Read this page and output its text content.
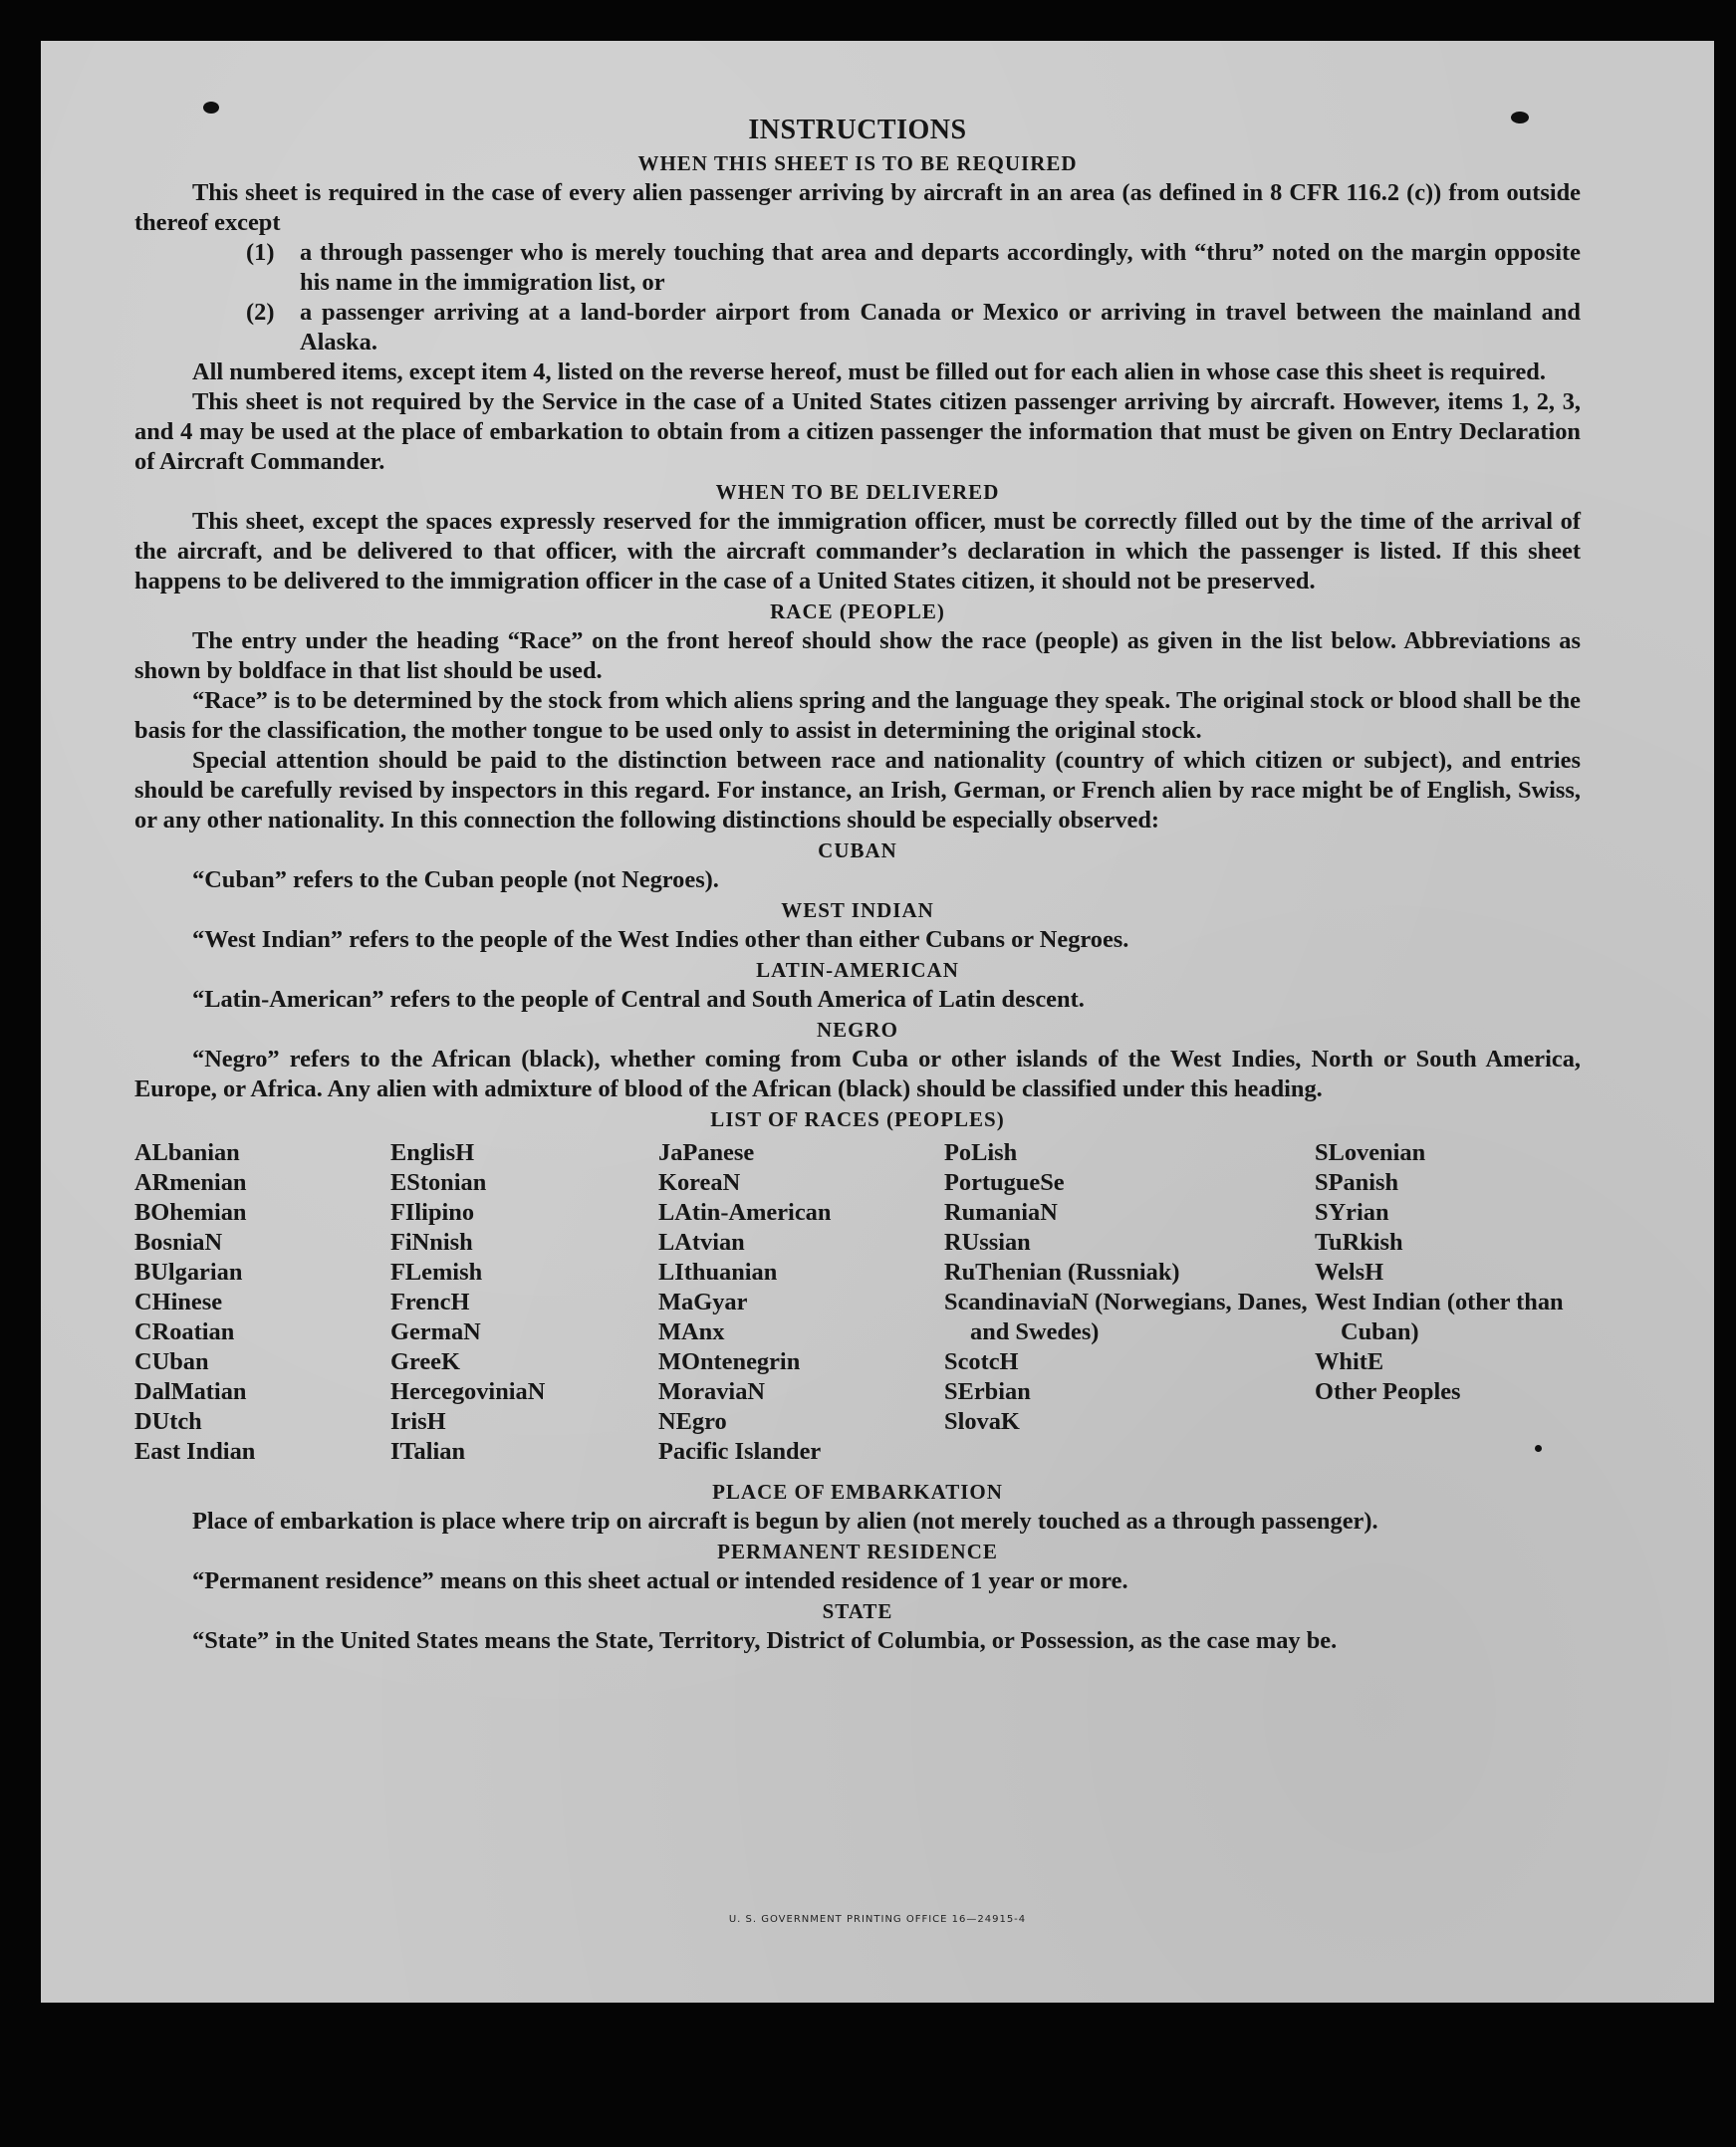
INSTRUCTIONS
WHEN THIS SHEET IS TO BE REQUIRED

This sheet is required in the case of every alien passenger arriving by aircraft in an area (as defined in 8 CFR 116.2 (c)) from outside thereof except

(1)	a through passenger who is merely touching that area and departs accordingly, with “thru” noted on the margin opposite his name in the immigration list, or
(2)	a passenger arriving at a land-border airport from Canada or Mexico or arriving in travel between the mainland and Alaska.

All numbered items, except item 4, listed on the reverse hereof, must be filled out for each alien in whose case this sheet is required.

This sheet is not required by the Service in the case of a United States citizen passenger arriving by aircraft. However, items 1, 2, 3, and 4 may be used at the place of embarkation to obtain from a citizen passenger the information that must be given on Entry Declaration of Aircraft Commander.

WHEN TO BE DELIVERED

This sheet, except the spaces expressly reserved for the immigration officer, must be correctly filled out by the time of the arrival of the aircraft, and be delivered to that officer, with the aircraft commander’s declaration in which the passenger is listed. If this sheet happens to be delivered to the immigration officer in the case of a United States citizen, it should not be preserved.

RACE (PEOPLE)

The entry under the heading “Race” on the front hereof should show the race (people) as given in the list below. Abbreviations as shown by boldface in that list should be used.

“Race” is to be determined by the stock from which aliens spring and the language they speak. The original stock or blood shall be the basis for the classification, the mother tongue to be used only to assist in determining the original stock.

Special attention should be paid to the distinction between race and nationality (country of which citizen or subject), and entries should be carefully revised by inspectors in this regard. For instance, an Irish, German, or French alien by race might be of English, Swiss, or any other nationality. In this connection the following distinctions should be especially observed:

CUBAN

“Cuban” refers to the Cuban people (not Negroes).

WEST INDIAN

“West Indian” refers to the people of the West Indies other than either Cubans or Negroes.

LATIN-AMERICAN

“Latin-American” refers to the people of Central and South America of Latin descent.

NEGRO

“Negro” refers to the African (black), whether coming from Cuba or other islands of the West Indies, North or South America, Europe, or Africa. Any alien with admixture of blood of the African (black) should be classified under this heading.

LIST OF RACES (PEOPLES)
ALbanian
ARmenian
BOhemian
BosniaN
BUlgarian
CHinese
CRoatian
CUban
DalMatian
DUtch
East Indian
EnglisH
EStonian
FIlipino
FiNnish
FLemish
FrencH
GermaN
GreeK
HercegoviniaN
IrisH
ITalian
JaPanese
KoreaN
LAtin-American
LAtvian
LIthuanian
MaGyar
MAnx
MOntenegrin
MoraviaN
NEgro
Pacific Islander
PoLish
PortugueSe
RumaniaN
RUssian
RuThenian (Russniak)
ScandinaviaN (Norwegians, Danes, and Swedes)
ScotcH
SErbian
SlovaK
SLovenian
SPanish
SYrian
TuRkish
WelsH
West Indian (other than Cuban)
WhitE
Other Peoples
PLACE OF EMBARKATION

Place of embarkation is place where trip on aircraft is begun by alien (not merely touched as a through passenger).

PERMANENT RESIDENCE

“Permanent residence” means on this sheet actual or intended residence of 1 year or more.

STATE

“State” in the United States means the State, Territory, District of Columbia, or Possession, as the case may be.

U. S. GOVERNMENT PRINTING OFFICE 16—24915-4
